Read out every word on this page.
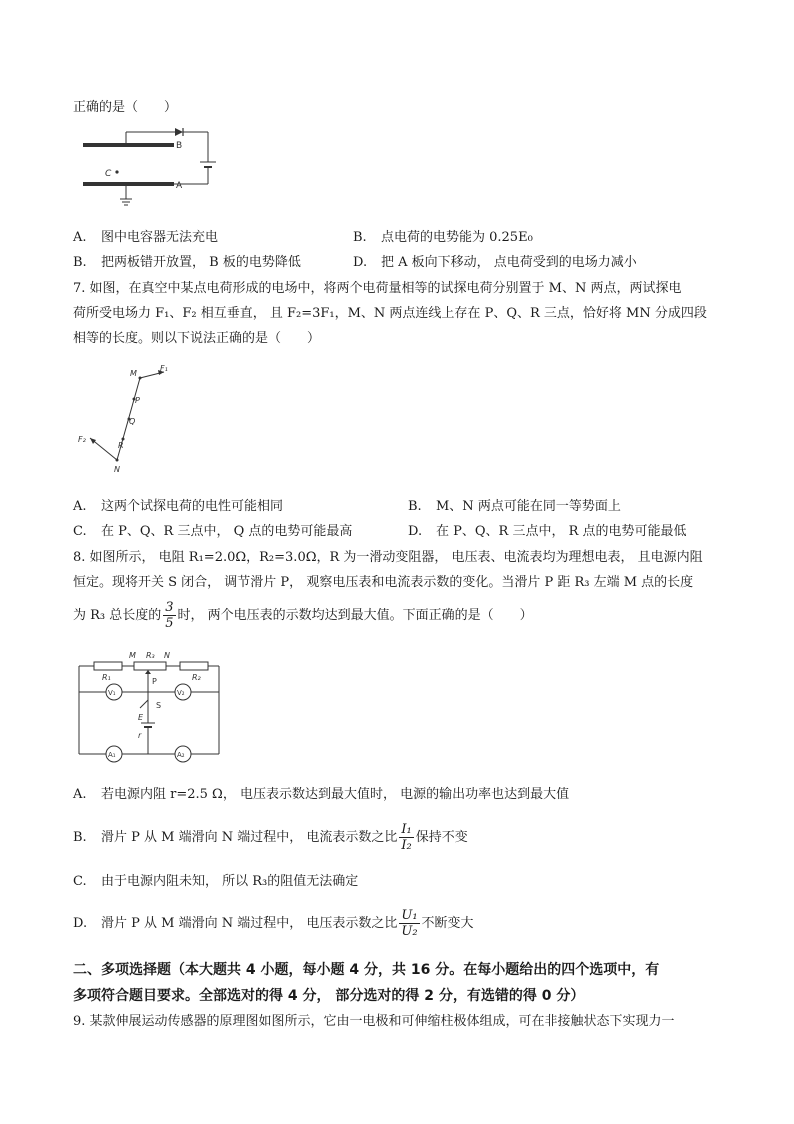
正确的是（　　）
B
A
C
A. 图中电容器无法充电	B. 点电荷的电势能为 0.25E₀
B. 把两板错开放置， B 板的电势降低	D. 把 A 板向下移动， 点电荷受到的电场力减小
7. 如图，在真空中某点电荷形成的电场中，将两个电荷量相等的试探电荷分别置于 M、N 两点，两试探电
荷所受电场力 F₁、F₂ 相互垂直， 且 F₂=3F₁，M、N 两点连线上存在 P、Q、R 三点，恰好将 MN 分成四段
相等的长度。则以下说法正确的是（　　）
M
F₁
P
Q
R
F₂
N
A. 这两个试探电荷的电性可能相同	B. M、N 两点可能在同一等势面上
C. 在 P、Q、R 三点中， Q 点的电势可能最高	D. 在 P、Q、R 三点中， R 点的电势可能最低
8. 如图所示， 电阻 R₁=2.0Ω，R₂=3.0Ω，R 为一滑动变阻器， 电压表、电流表均为理想电表， 且电源内阻
恒定。现将开关 S 闭合， 调节滑片 P， 观察电压表和电流表示数的变化。当滑片 P 距 R₃ 左端 M 点的长度
为 R₃ 总长度的 $\frac{3}{5}$ 时， 两个电压表的示数均达到最大值。下面正确的是（　　）
M R₃ N
R₁	R₂
V₁	V₂
P
S
E
r
A₁	A₂
A. 若电源内阻 r=2.5 Ω， 电压表示数达到最大值时， 电源的输出功率也达到最大值
B. 滑片 P 从 M 端滑向 N 端过程中， 电流表示数之比 $\frac{\text{I₁}}{\text{I₂}}$ 保持不变
C. 由于电源内阻未知， 所以 R₃的阻值无法确定
D. 滑片 P 从 M 端滑向 N 端过程中， 电压表示数之比 $\frac{\text{U₁}}{\text{U₂}}$ 不断变大
二、多项选择题（本大题共 4 小题，每小题 4 分，共 16 分。在每小题给出的四个选项中，有
多项符合题目要求。全部选对的得 4 分， 部分选对的得 2 分，有选错的得 0 分）
9. 某款伸展运动传感器的原理图如图所示，它由一电极和可伸缩柱极体组成，可在非接触状态下实现力一
